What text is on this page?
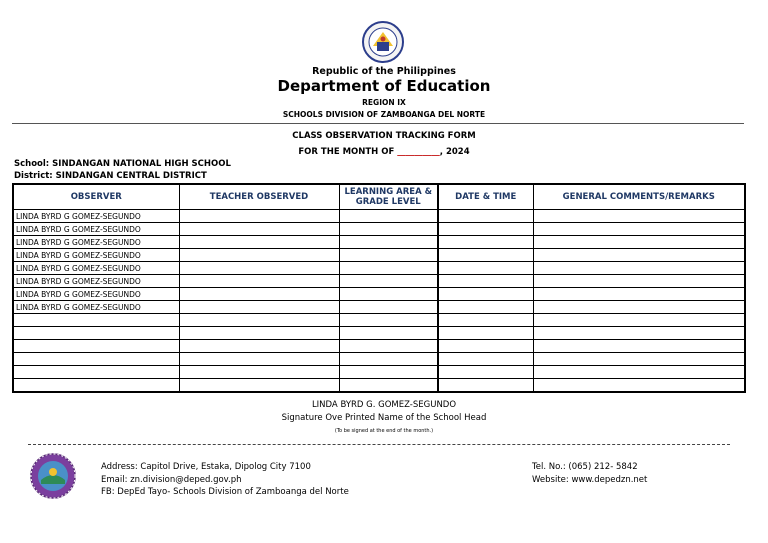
Republic of the Philippines
Department of Education
REGION IX
SCHOOLS DIVISION OF ZAMBOANGA DEL NORTE
CLASS OBSERVATION TRACKING FORM
FOR THE MONTH OF __________, 2024
School: SINDANGAN NATIONAL HIGH SCHOOL
District: SINDANGAN CENTRAL DISTRICT
OBSERVER	TEACHER OBSERVED	LEARNING AREA & GRADE LEVEL	DATE & TIME	GENERAL COMMENTS/REMARKS
LINDA BYRD G GOMEZ-SEGUNDO				
LINDA BYRD G GOMEZ-SEGUNDO				
LINDA BYRD G GOMEZ-SEGUNDO				
LINDA BYRD G GOMEZ-SEGUNDO				
LINDA BYRD G GOMEZ-SEGUNDO				
LINDA BYRD G GOMEZ-SEGUNDO				
LINDA BYRD G GOMEZ-SEGUNDO				
LINDA BYRD G GOMEZ-SEGUNDO				

LINDA BYRD G. GOMEZ-SEGUNDO
Signature Ove Printed Name of the School Head
(To be signed at the end of the month.)
Address: Capitol Drive, Estaka, Dipolog City 7100
Email: zn.division@deped.gov.ph
FB: DepEd Tayo- Schools Division of Zamboanga del Norte
Tel. No.: (065) 212- 5842
Website: www.depedzn.net
